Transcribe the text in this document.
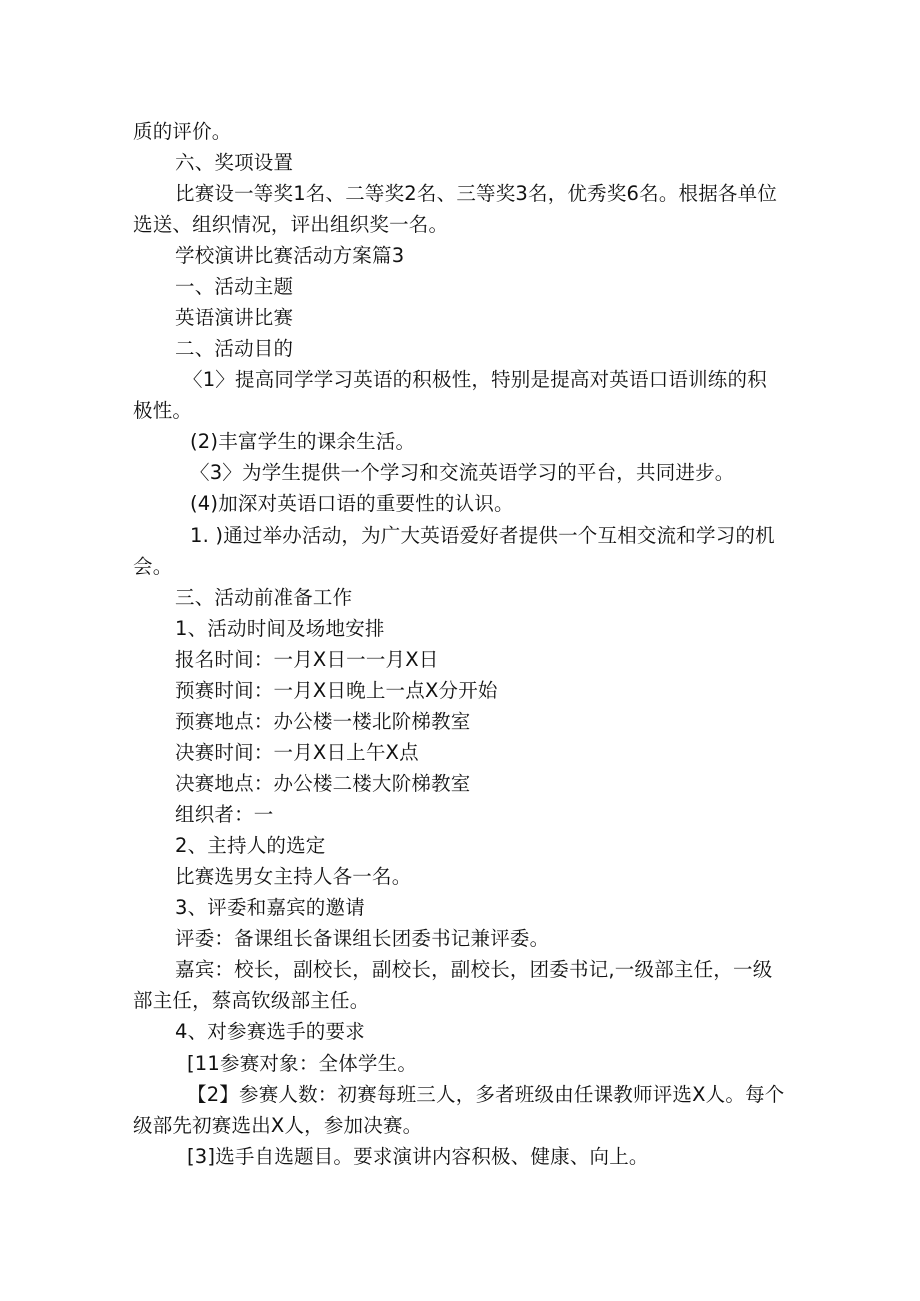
质的评价。

六、奖项设置

比赛设一等奖1名、二等奖2名、三等奖3名，优秀奖6名。根据各单位

选送、组织情况，评出组织奖一名。

学校演讲比赛活动方案篇3

一、活动主题

英语演讲比赛

二、活动目的

〈1〉提高同学学习英语的积极性，特别是提高对英语口语训练的积

极性。

(2)丰富学生的课余生活。

〈3〉为学生提供一个学习和交流英语学习的平台，共同进步。

(4)加深对英语口语的重要性的认识。

1. )通过举办活动，为广大英语爱好者提供一个互相交流和学习的机

会。

三、活动前准备工作

1、活动时间及场地安排

报名时间：一月X日一一月X日

预赛时间：一月X日晚上一点X分开始

预赛地点：办公楼一楼北阶梯教室

决赛时间：一月X日上午X点

决赛地点：办公楼二楼大阶梯教室

组织者：一

2、主持人的选定

比赛选男女主持人各一名。

3、评委和嘉宾的邀请

评委：备课组长备课组长团委书记兼评委。

嘉宾：校长，副校长，副校长，副校长，团委书记,一级部主任，一级

部主任，蔡高钦级部主任。

4、对参赛选手的要求

[11参赛对象：全体学生。

【2】参赛人数：初赛每班三人，多者班级由任课教师评选X人。每个

级部先初赛选出X人，参加决赛。

[3]选手自选题目。要求演讲内容积极、健康、向上。
